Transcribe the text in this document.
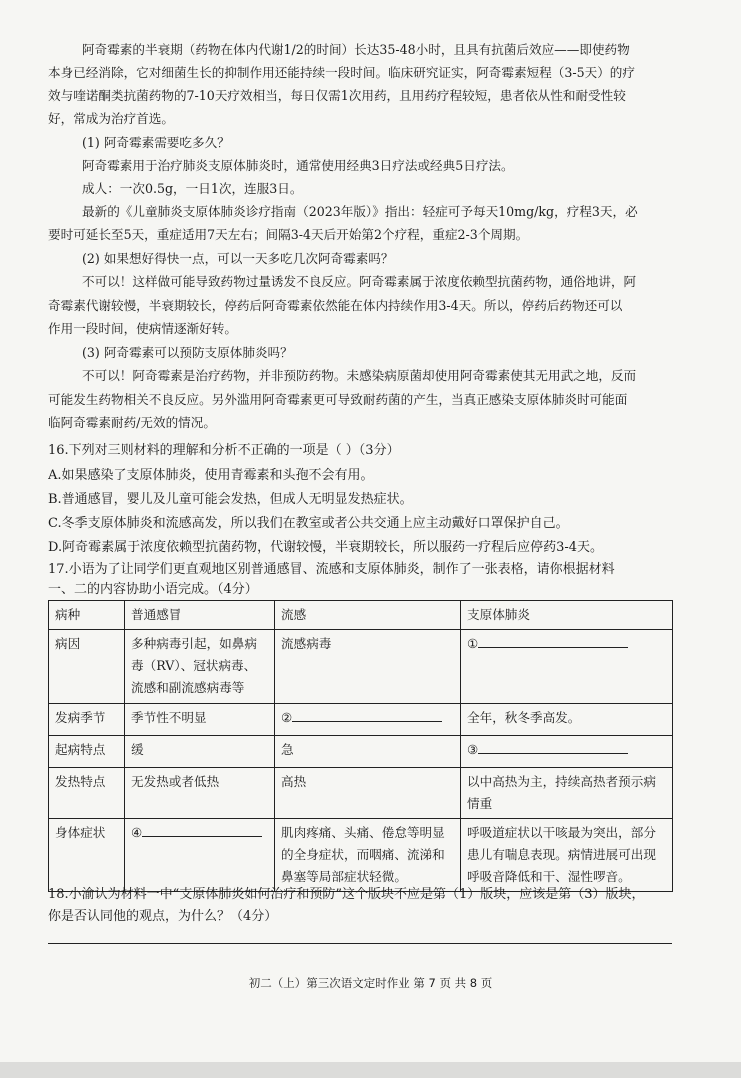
阿奇霉素的半衰期（药物在体内代谢1/2的时间）长达35-48小时，且具有抗菌后效应——即使药物
本身已经消除，它对细菌生长的抑制作用还能持续一段时间。临床研究证实，阿奇霉素短程（3-5天）的疗
效与喹诺酮类抗菌药物的7-10天疗效相当，每日仅需1次用药，且用药疗程较短，患者依从性和耐受性较
好，常成为治疗首选。
(1) 阿奇霉素需要吃多久？
阿奇霉素用于治疗肺炎支原体肺炎时，通常使用经典3日疗法或经典5日疗法。
成人：一次0.5g，一日1次，连服3日。
最新的《儿童肺炎支原体肺炎诊疗指南（2023年版）》指出：轻症可予每天10mg/kg，疗程3天，必
要时可延长至5天，重症适用7天左右；间隔3-4天后开始第2个疗程，重症2-3个周期。
(2) 如果想好得快一点，可以一天多吃几次阿奇霉素吗？
不可以！这样做可能导致药物过量诱发不良反应。阿奇霉素属于浓度依赖型抗菌药物，通俗地讲，阿
奇霉素代谢较慢，半衰期较长，停药后阿奇霉素依然能在体内持续作用3-4天。所以，停药后药物还可以
作用一段时间，使病情逐渐好转。
(3) 阿奇霉素可以预防支原体肺炎吗？
不可以！阿奇霉素是治疗药物，并非预防药物。未感染病原菌却使用阿奇霉素使其无用武之地，反而
可能发生药物相关不良反应。另外滥用阿奇霉素更可导致耐药菌的产生，当真正感染支原体肺炎时可能面
临阿奇霉素耐药/无效的情况。
16.下列对三则材料的理解和分析不正确的一项是（ ）（3分）
A.如果感染了支原体肺炎，使用青霉素和头孢不会有用。
B.普通感冒，婴儿及儿童可能会发热，但成人无明显发热症状。
C.冬季支原体肺炎和流感高发，所以我们在教室或者公共交通上应主动戴好口罩保护自己。
D.阿奇霉素属于浓度依赖型抗菌药物，代谢较慢，半衰期较长，所以服药一疗程后应停药3-4天。
17.小语为了让同学们更直观地区别普通感冒、流感和支原体肺炎，制作了一张表格，请你根据材料
一、二的内容协助小语完成。（4分）
病种	普通感冒	流感	支原体肺炎
病因	多种病毒引起，如鼻病毒（RV）、冠状病毒、流感和副流感病毒等	流感病毒	①
发病季节	季节性不明显	②	全年，秋冬季高发。
起病特点	缓	急	③
发热特点	无发热或者低热	高热	以中高热为主，持续高热者预示病情重
身体症状	④	肌肉疼痛、头痛、倦怠等明显的全身症状，而咽痛、流涕和鼻塞等局部症状轻微。	呼吸道症状以干咳最为突出，部分患儿有喘息表现。病情进展可出现呼吸音降低和干、湿性啰音。
18.小渝认为材料一中“支原体肺炎如何治疗和预防”这个版块不应是第（1）版块，应该是第（3）版块，
你是否认同他的观点，为什么？（4分）
初二（上）第三次语文定时作业 第 7 页 共 8 页
